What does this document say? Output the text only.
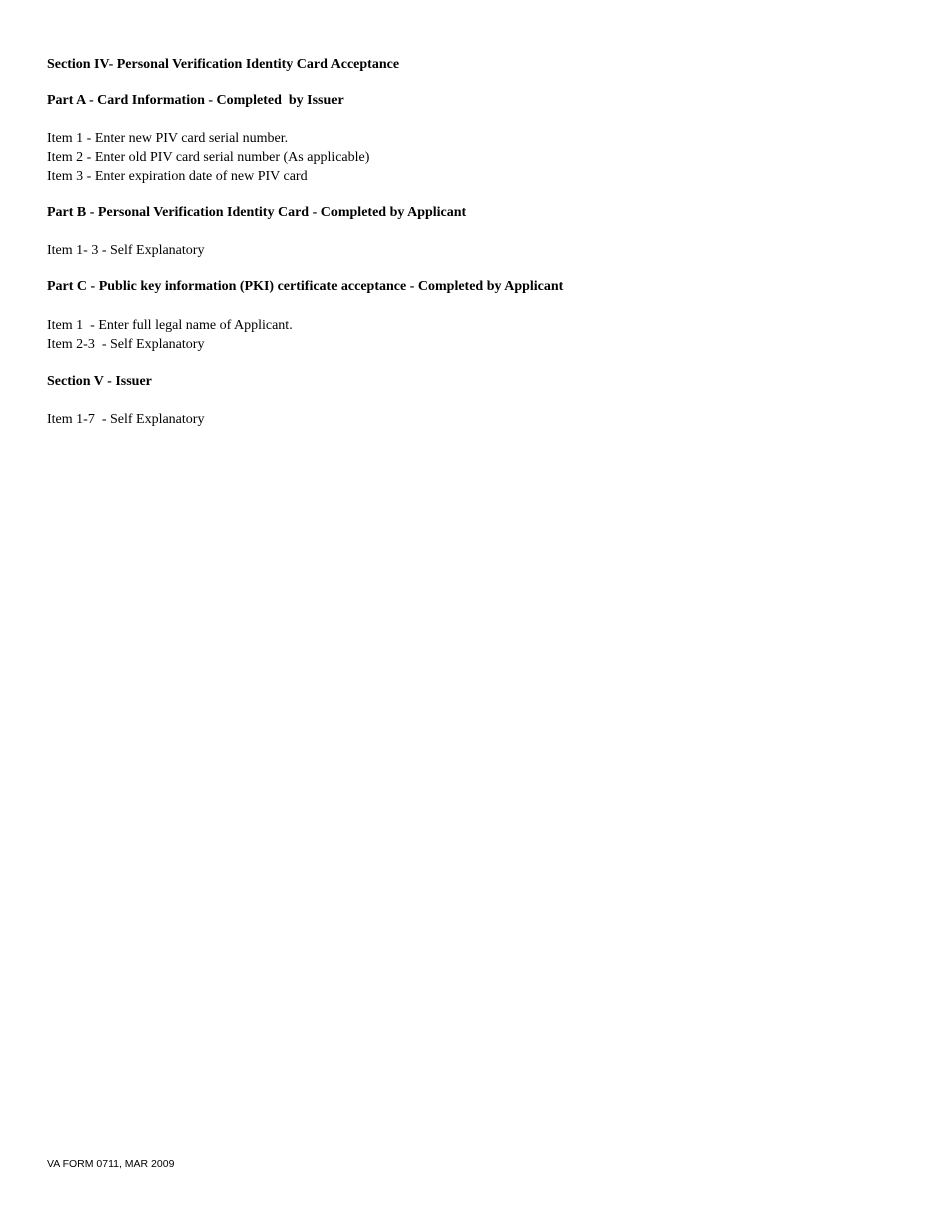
Section IV- Personal Verification Identity Card Acceptance
Part A - Card Information - Completed  by Issuer
Item 1 - Enter new PIV card serial number.
Item 2 - Enter old PIV card serial number (As applicable)
Item 3 - Enter expiration date of new PIV card
Part B - Personal Verification Identity Card - Completed by Applicant
Item 1- 3 - Self Explanatory
Part C - Public key information (PKI) certificate acceptance - Completed by Applicant
Item 1  - Enter full legal name of Applicant.
Item 2-3  - Self Explanatory
Section V - Issuer
Item 1-7  - Self Explanatory
VA FORM 0711, MAR 2009
